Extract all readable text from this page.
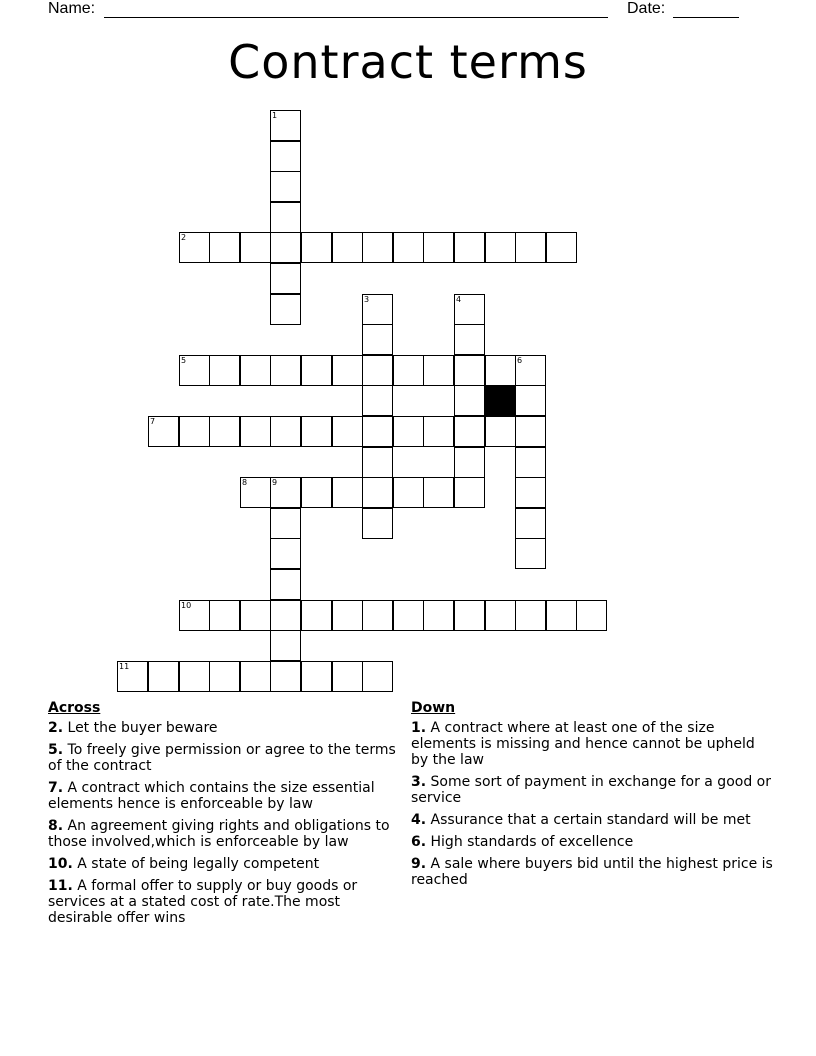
Name:	Date:
Contract terms
1
2
3	4
5	6
7
8	9
10
11
Across
2. Let the buyer beware
5. To freely give permission or agree to the terms of the contract
7. A contract which contains the size essential elements hence is enforceable by law
8. An agreement giving rights and obligations to those involved,which is enforceable by law
10. A state of being legally competent
11. A formal offer to supply or buy goods or services at a stated cost of rate.The most desirable offer wins
Down
1. A contract where at least one of the size elements is missing and hence cannot be upheld by the law
3. Some sort of payment in exchange for a good or service
4. Assurance that a certain standard will be met
6. High standards of excellence
9. A sale where buyers bid until the highest price is reached
